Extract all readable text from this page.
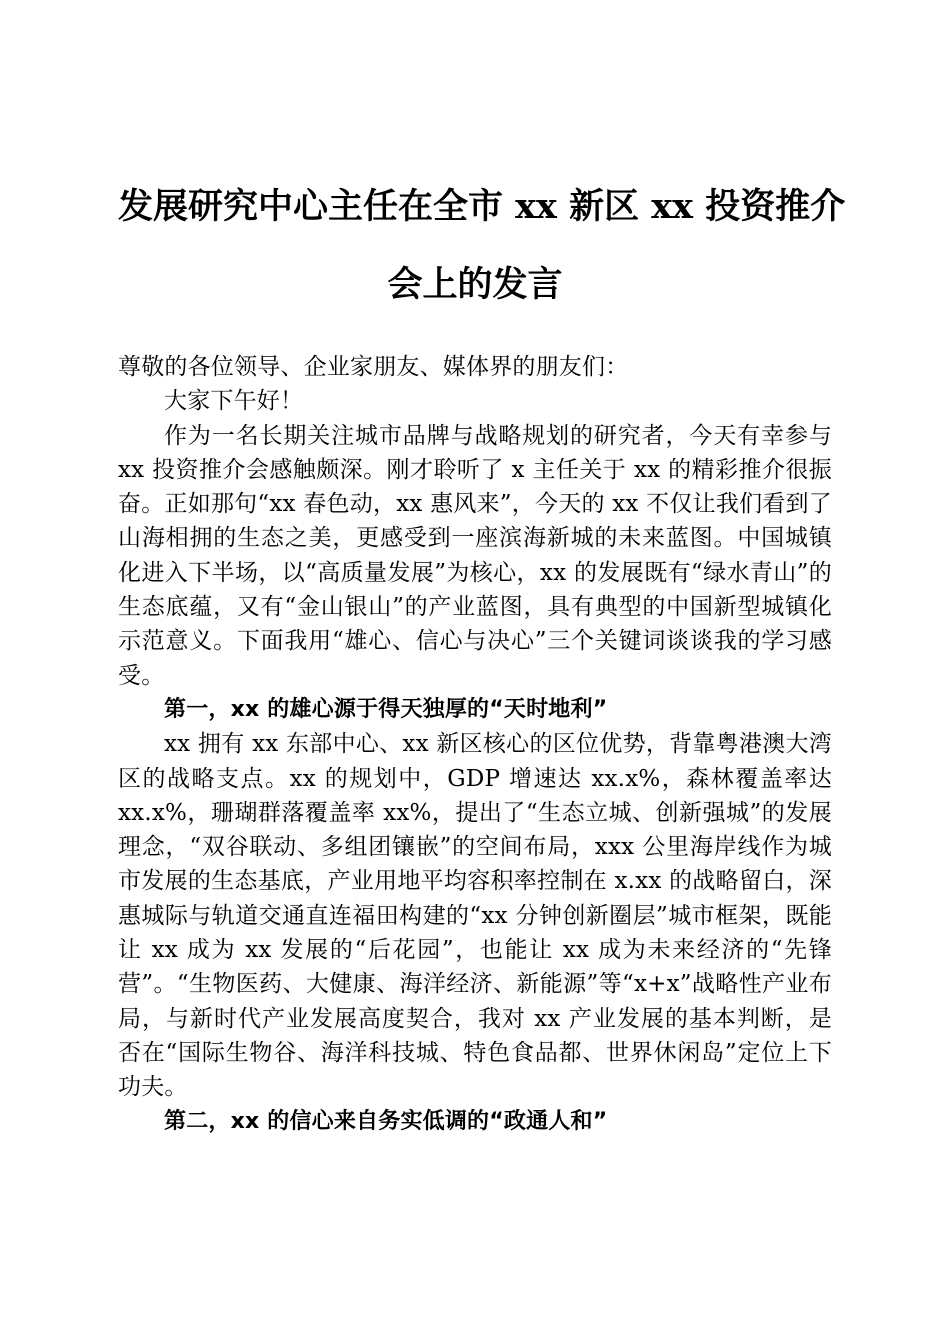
发展研究中心主任在全市 xx 新区 xx 投资推介
会上的发言

尊敬的各位领导、企业家朋友、媒体界的朋友们：

大家下午好！

作为一名长期关注城市品牌与战略规划的研究者，今天有幸参与 xx 投资推介会感触颇深。刚才聆听了 x 主任关于 xx 的精彩推介很振奋。正如那句“xx 春色动，xx 惠风来”，今天的 xx 不仅让我们看到了山海相拥的生态之美，更感受到一座滨海新城的未来蓝图。中国城镇化进入下半场，以“高质量发展”为核心，xx 的发展既有“绿水青山”的生态底蕴，又有“金山银山”的产业蓝图，具有典型的中国新型城镇化示范意义。下面我用“雄心、信心与决心”三个关键词谈谈我的学习感受。

第一，xx 的雄心源于得天独厚的“天时地利”

xx 拥有 xx 东部中心、xx 新区核心的区位优势，背靠粤港澳大湾区的战略支点。xx 的规划中，GDP 增速达 xx.x%，森林覆盖率达 xx.x%，珊瑚群落覆盖率 xx%，提出了“生态立城、创新强城”的发展理念，“双谷联动、多组团镶嵌”的空间布局，xxx 公里海岸线作为城市发展的生态基底，产业用地平均容积率控制在 x.xx 的战略留白，深惠城际与轨道交通直连福田构建的“xx 分钟创新圈层”城市框架，既能让 xx 成为 xx 发展的“后花园”，也能让 xx 成为未来经济的“先锋营”。“生物医药、大健康、海洋经济、新能源”等“x+x”战略性产业布局，与新时代产业发展高度契合，我对 xx 产业发展的基本判断，是否在“国际生物谷、海洋科技城、特色食品都、世界休闲岛”定位上下功夫。

第二，xx 的信心来自务实低调的“政通人和”
